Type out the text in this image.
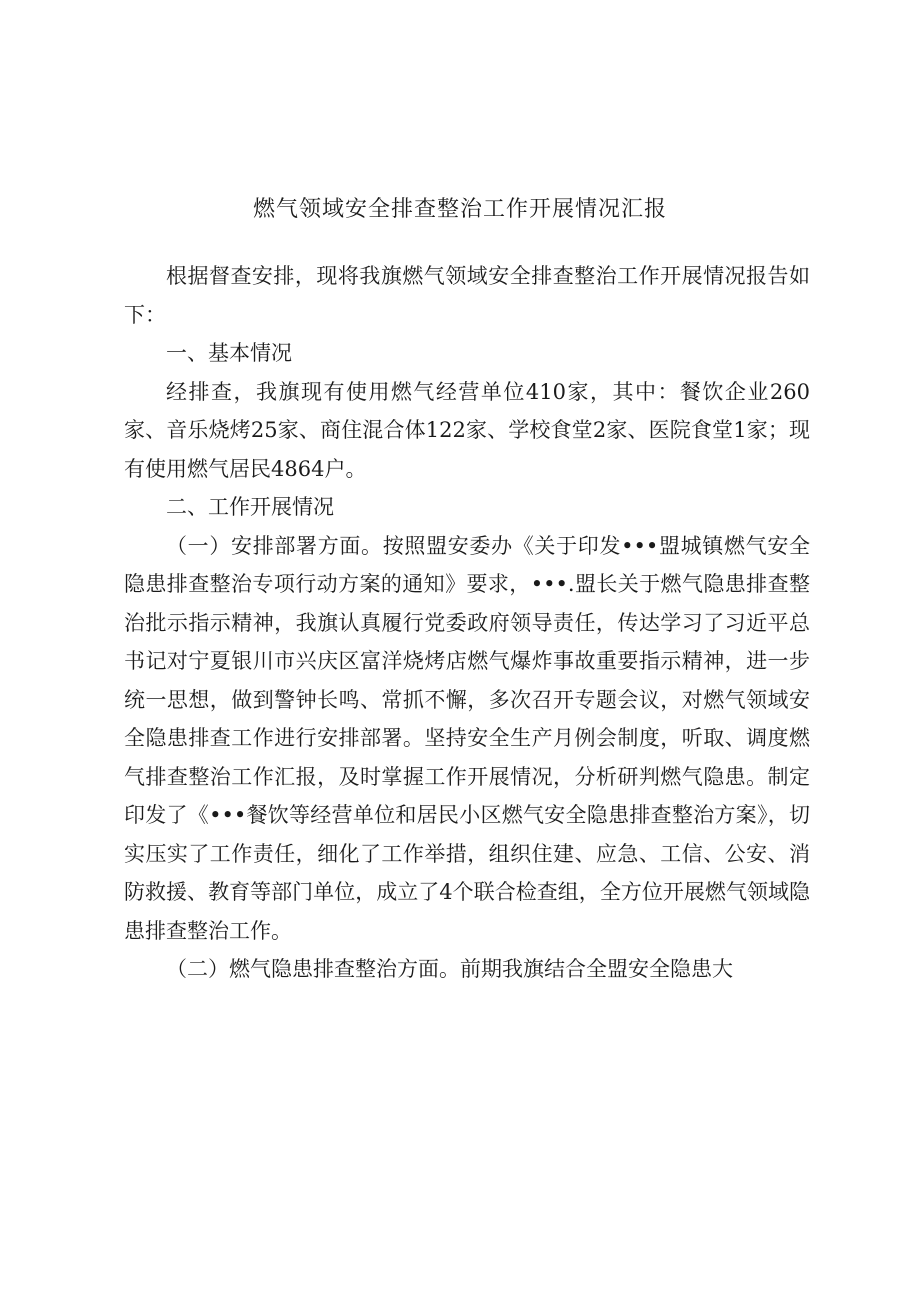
燃气领域安全排查整治工作开展情况汇报

根据督查安排，现将我旗燃气领域安全排查整治工作开展情况报告如下：

一、基本情况

经排查，我旗现有使用燃气经营单位410家，其中：餐饮企业260家、音乐烧烤25家、商住混合体122家、学校食堂2家、医院食堂1家；现有使用燃气居民4864户。

二、工作开展情况

（一）安排部署方面。按照盟安委办《关于印发•••盟城镇燃气安全隐患排查整治专项行动方案的通知》要求，•••.盟长关于燃气隐患排查整治批示指示精神，我旗认真履行党委政府领导责任，传达学习了习近平总书记对宁夏银川市兴庆区富洋烧烤店燃气爆炸事故重要指示精神，进一步统一思想，做到警钟长鸣、常抓不懈，多次召开专题会议，对燃气领域安全隐患排查工作进行安排部署。坚持安全生产月例会制度，听取、调度燃气排查整治工作汇报，及时掌握工作开展情况，分析研判燃气隐患。制定印发了《•••餐饮等经营单位和居民小区燃气安全隐患排查整治方案》，切实压实了工作责任，细化了工作举措，组织住建、应急、工信、公安、消防救援、教育等部门单位，成立了4个联合检查组，全方位开展燃气领域隐患排查整治工作。

（二）燃气隐患排查整治方面。前期我旗结合全盟安全隐患大
